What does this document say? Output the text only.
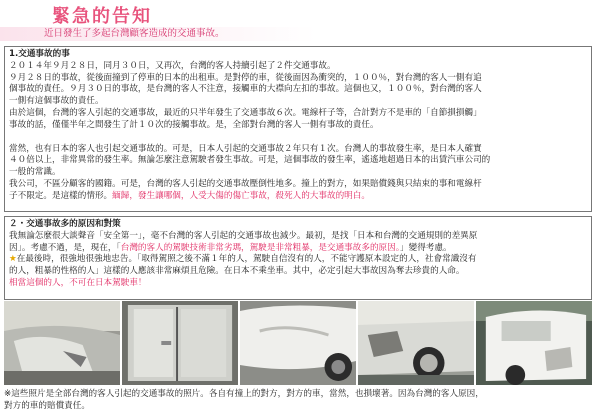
緊急的告知
近日發生了多起台灣顧客造成的交通事故。

1.交通事故的事

２０１４年９月２８日，同月３０日，又再次，台灣的客人持續引起了２件交通事故。

９月２８日的事故，從後面撞到了停車的日本的出租車。是對停的車，從後面因為衝突的，１００％，對台灣的客人一側有追

個事故的責任。９月３０日的事故，是台灣的客人不注意，接觸車的大襟向左扣的事故。這個也又，１００％，對台灣的客人

一側有這個事故的責任。

由於這個，台灣的客人引起的交通事故，最近的只半年發生了交通事故６次。電線杆子等，合計對方不是車的「自節損損觸」

事故的話，僅僅半年之間發生了計１０次的接觸事故。是，全部對台灣的客人一側有事故的責任。

當然，也有日本的客人也引起交通事故的。可是，日本人引起的交通事故２年只有１次。台灣人的事故發生率，是日本人確實

４０倍以上，非常異常的發生率。無論怎麼注意駕駛者發生事故。可是，這個事故的發生率，遙遙地超過日本的出賃汽車公司的

一般的常識。

我公司，不區分顧客的國籍。可是，台灣的客人引起的交通事故壓倒性地多。撞上的對方，如果賠償錢與只結束的事和電線杆

子不限定。是這樣的情形。緬歸，發生讓哪個，人受大傷的傷亡事故，殺死人的大事故的明白。

２・交通事故多的原因和對策

我無論怎麼很大談聲音「安全第一」，毫不台灣的客人引起的交通事故也減少。最初，是找「日本和台灣的交通規則的差異原

因」。考慮不過，是，現在，「台灣的客人的駕駛技術非常劣瑪，駕駛是非常粗暴，是交通事故多的原因。」變得考慮。

★在最後時，很強地很強地忠告。「取得駕照之後不滿１年的人，駕駛自信沒有的人，不能守護原本設定的人，社會常識沒有

的人，粗暴的性格的人」這樣的人應該非常麻煩且危險。在日本不乘坐車。其中，必定引起大事故因為奪去珍貴的人命。

相當這個的人，不可在日本駕駛車！

※這些照片是全部台灣的客人引起的交通事故的照片。各自有撞上的對方，對方的車，當然，也損壞著。因為台灣的客人原因，
對方的車的賠償責任。
